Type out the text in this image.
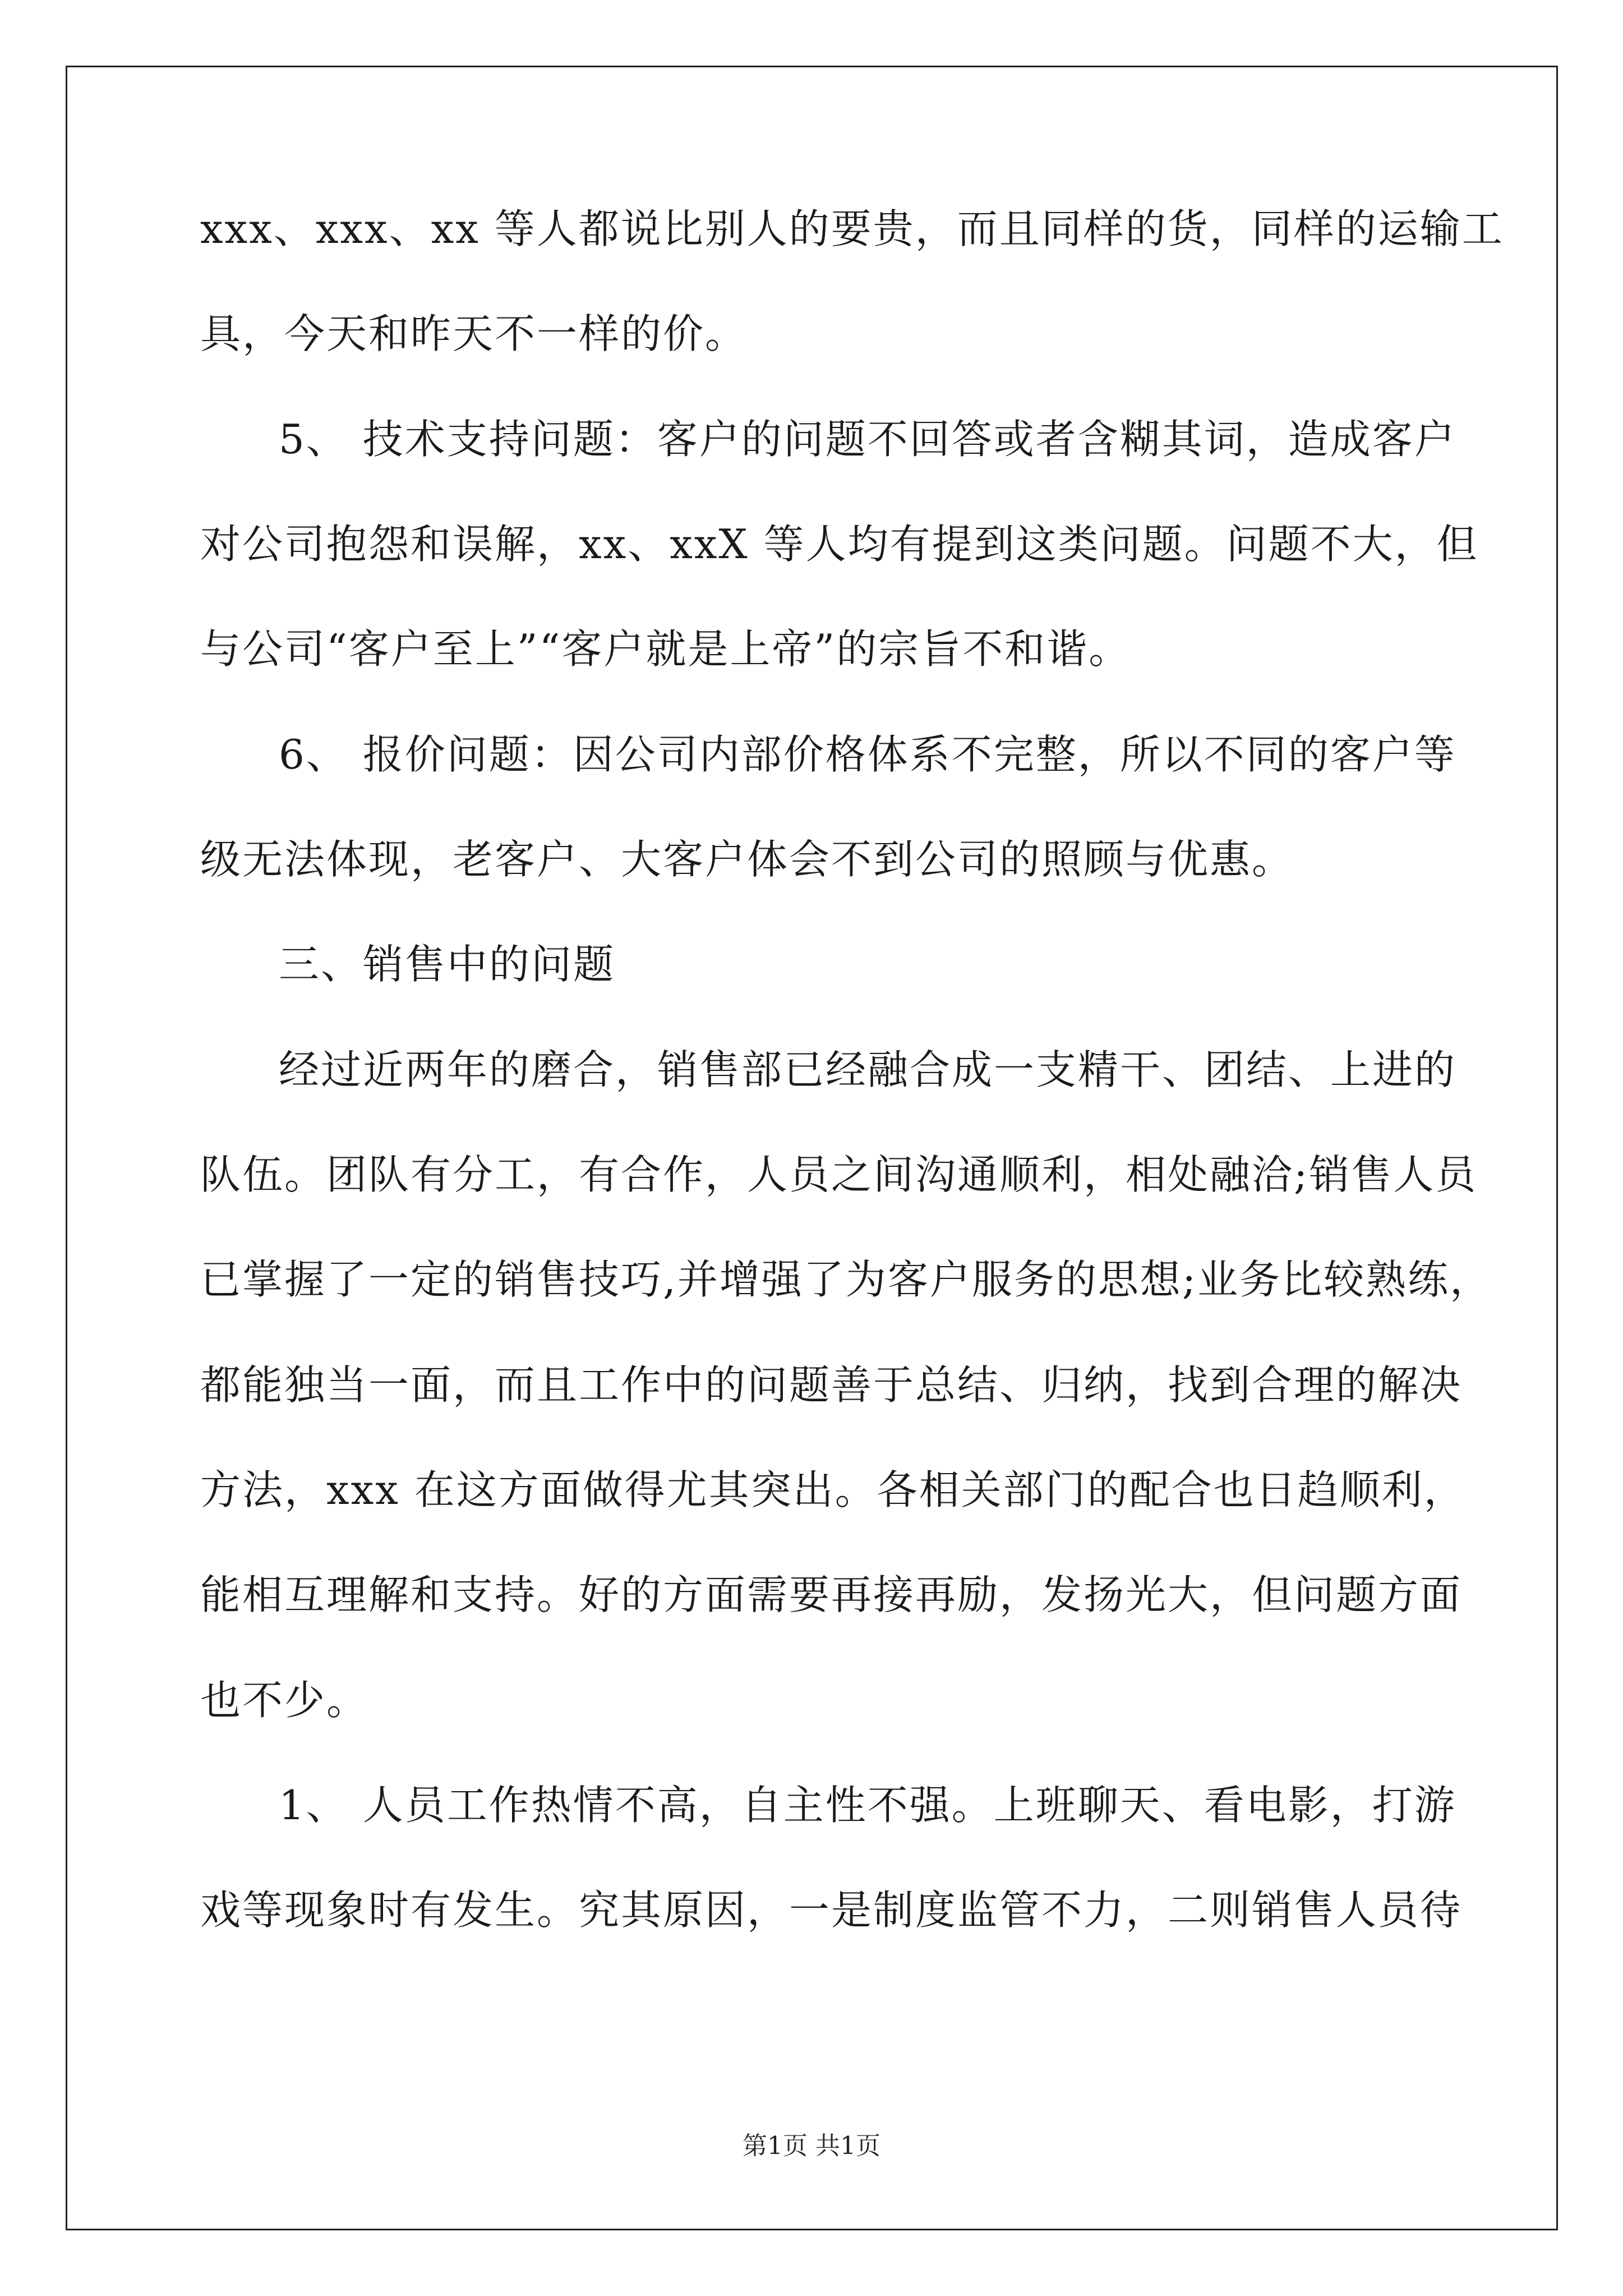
xxx、xxx、xx 等人都说比别人的要贵，而且同样的货，同样的运输工
具，今天和昨天不一样的价。
5、 技术支持问题：客户的问题不回答或者含糊其词，造成客户
对公司抱怨和误解，xx、xxX 等人均有提到这类问题。问题不大，但
与公司“客户至上”“客户就是上帝”的宗旨不和谐。
6、 报价问题：因公司内部价格体系不完整，所以不同的客户等
级无法体现，老客户、大客户体会不到公司的照顾与优惠。
三、销售中的问题
经过近两年的磨合，销售部已经融合成一支精干、团结、上进的
队伍。团队有分工，有合作，人员之间沟通顺利，相处融洽;销售人员
已掌握了一定的销售技巧,并增强了为客户服务的思想;业务比较熟练，
都能独当一面，而且工作中的问题善于总结、归纳，找到合理的解决
方法，xxx 在这方面做得尤其突出。各相关部门的配合也日趋顺利，
能相互理解和支持。好的方面需要再接再励，发扬光大，但问题方面
也不少。
1、 人员工作热情不高，自主性不强。上班聊天、看电影，打游
戏等现象时有发生。究其原因，一是制度监管不力，二则销售人员待
第1页 共1页
